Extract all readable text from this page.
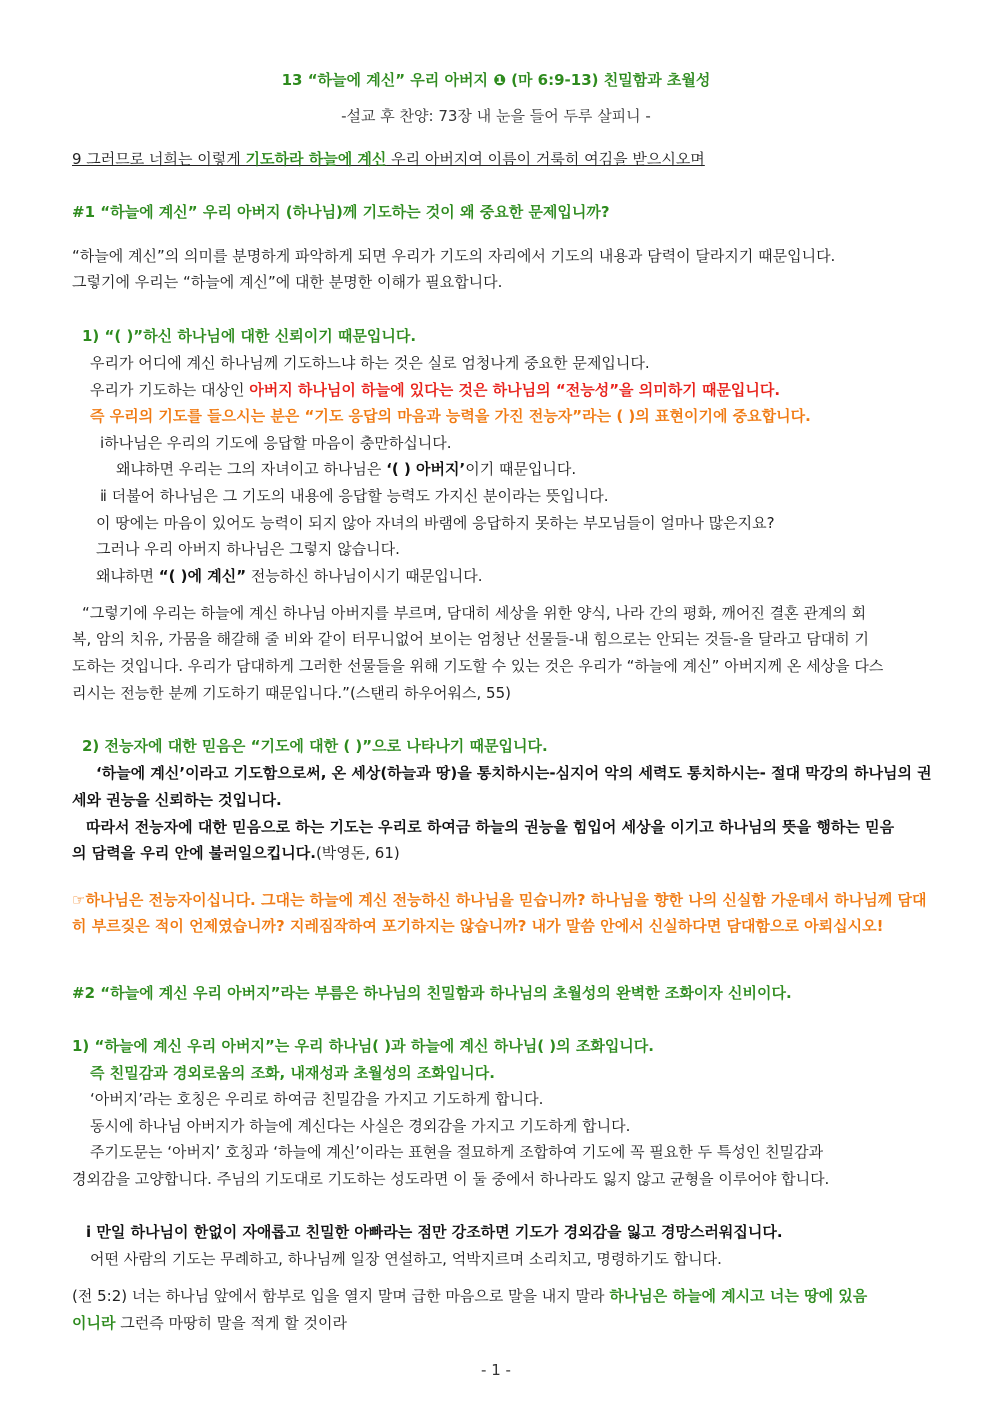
13 “하늘에 계신” 우리 아버지 ❶ (마 6:9-13) 친밀함과 초월성
-설교 후 찬양: 73장 내 눈을 들어 두루 살피니 -
9 그러므로 너희는 이렇게 기도하라 하늘에 계신 우리 아버지여 이름이 거룩히 여김을 받으시오며
#1 “하늘에 계신” 우리 아버지 (하나님)께 기도하는 것이 왜 중요한 문제입니까?
“하늘에 계신”의 의미를 분명하게 파악하게 되면 우리가 기도의 자리에서 기도의 내용과 담력이 달라지기 때문입니다.
그렇기에 우리는 “하늘에 계신”에 대한 분명한 이해가 필요합니다.
1) “( )”하신 하나님에 대한 신뢰이기 때문입니다.
우리가 어디에 계신 하나님께 기도하느냐 하는 것은 실로 엄청나게 중요한 문제입니다.
우리가 기도하는 대상인 아버지 하나님이 하늘에 있다는 것은 하나님의 “전능성”을 의미하기 때문입니다.
즉 우리의 기도를 들으시는 분은 “기도 응답의 마음과 능력을 가진 전능자”라는 ( )의 표현이기에 중요합니다.
ⅰ하나님은 우리의 기도에 응답할 마음이 충만하십니다.
왜냐하면 우리는 그의 자녀이고 하나님은 ‘( ) 아버지’이기 때문입니다.
ⅱ 더불어 하나님은 그 기도의 내용에 응답할 능력도 가지신 분이라는 뜻입니다.
이 땅에는 마음이 있어도 능력이 되지 않아 자녀의 바램에 응답하지 못하는 부모님들이 얼마나 많은지요?
그러나 우리 아버지 하나님은 그렇지 않습니다.
왜냐하면 “( )에 계신” 전능하신 하나님이시기 때문입니다.
“그렇기에 우리는 하늘에 계신 하나님 아버지를 부르며, 담대히 세상을 위한 양식, 나라 간의 평화, 깨어진 결혼 관계의 회
복, 암의 치유, 가뭄을 해갈해 줄 비와 같이 터무니없어 보이는 엄청난 선물들-내 힘으로는 안되는 것들-을 달라고 담대히 기
도하는 것입니다. 우리가 담대하게 그러한 선물들을 위해 기도할 수 있는 것은 우리가 “하늘에 계신” 아버지께 온 세상을 다스
리시는 전능한 분께 기도하기 때문입니다.”(스탠리 하우어워스, 55)
2) 전능자에 대한 믿음은 “기도에 대한 ( )”으로 나타나기 때문입니다.
‘하늘에 계신’이라고 기도함으로써, 온 세상(하늘과 땅)을 통치하시는-심지어 악의 세력도 통치하시는- 절대 막강의 하나님의 권
세와 권능을 신뢰하는 것입니다.
따라서 전능자에 대한 믿음으로 하는 기도는 우리로 하여금 하늘의 권능을 힘입어 세상을 이기고 하나님의 뜻을 행하는 믿음
의 담력을 우리 안에 불러일으킵니다.(박영돈, 61)
☞하나님은 전능자이십니다. 그대는 하늘에 계신 전능하신 하나님을 믿습니까? 하나님을 향한 나의 신실함 가운데서 하나님께 담대
히 부르짖은 적이 언제였습니까? 지레짐작하여 포기하지는 않습니까? 내가 말씀 안에서 신실하다면 담대함으로 아뢰십시오!
#2 “하늘에 계신 우리 아버지”라는 부름은 하나님의 친밀함과 하나님의 초월성의 완벽한 조화이자 신비이다.
1) “하늘에 계신 우리 아버지”는 우리 하나님( )과 하늘에 계신 하나님( )의 조화입니다.
즉 친밀감과 경외로움의 조화, 내재성과 초월성의 조화입니다.
‘아버지’라는 호칭은 우리로 하여금 친밀감을 가지고 기도하게 합니다.
동시에 하나님 아버지가 하늘에 계신다는 사실은 경외감을 가지고 기도하게 합니다.
주기도문는 ‘아버지’ 호칭과 ‘하늘에 계신’이라는 표현을 절묘하게 조합하여 기도에 꼭 필요한 두 특성인 친밀감과
경외감을 고양합니다. 주님의 기도대로 기도하는 성도라면 이 둘 중에서 하나라도 잃지 않고 균형을 이루어야 합니다.
ⅰ 만일 하나님이 한없이 자애롭고 친밀한 아빠라는 점만 강조하면 기도가 경외감을 잃고 경망스러워집니다.
어떤 사람의 기도는 무례하고, 하나님께 일장 연설하고, 억박지르며 소리치고, 명령하기도 합니다.
(전 5:2) 너는 하나님 앞에서 함부로 입을 열지 말며 급한 마음으로 말을 내지 말라 하나님은 하늘에 계시고 너는 땅에 있음
이니라 그런즉 마땅히 말을 적게 할 것이라
- 1 -
